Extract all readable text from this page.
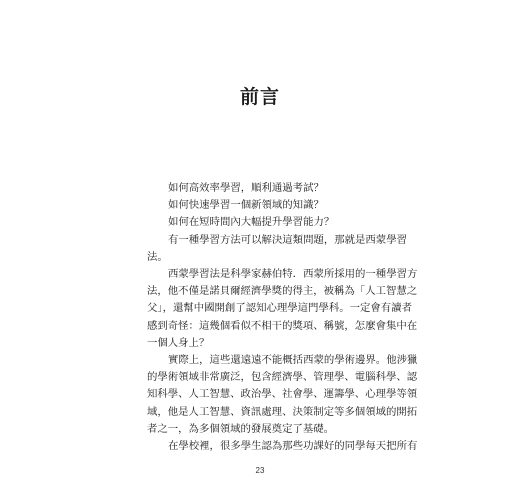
前言

如何高效率學習，順利通過考試？

如何快速學習一個新領域的知識？

如何在短時間內大幅提升學習能力？

有一種學習方法可以解決這類問題，那就是西蒙學習
法。

西蒙學習法是科學家赫伯特．西蒙所採用的一種學習方
法，他不僅是諾貝爾經濟學獎的得主，被稱為「人工智慧之
父」，還幫中國開創了認知心理學這門學科。一定會有讀者
感到奇怪：這幾個看似不相干的獎項、稱號，怎麼會集中在
一個人身上？

實際上，這些還遠遠不能概括西蒙的學術邊界。他涉獵
的學術領域非常廣泛，包含經濟學、管理學、電腦科學、認
知科學、人工智慧、政治學、社會學、運籌學、心理學等領
域，他是人工智慧、資訊處理、決策制定等多個領域的開拓
者之一，為多個領域的發展奠定了基礎。

在學校裡，很多學生認為那些功課好的同學每天把所有

23
